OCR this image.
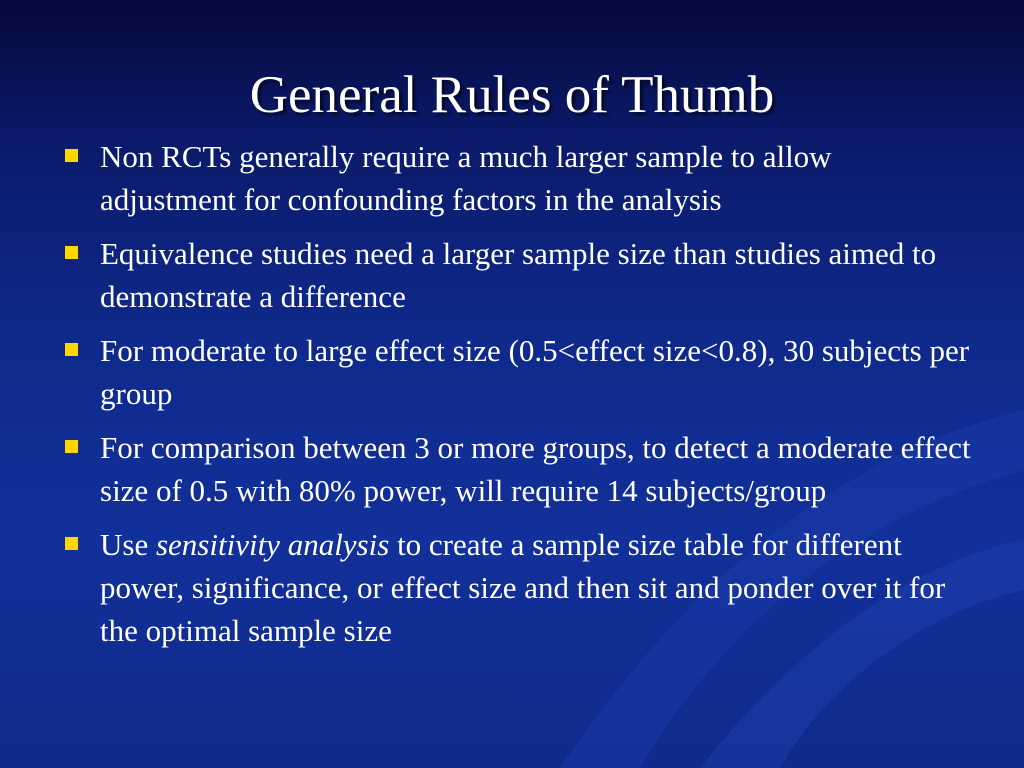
General Rules of Thumb
Non RCTs generally require a much larger sample to allow adjustment for confounding factors in the analysis
Equivalence studies need a larger sample size than studies aimed to demonstrate a difference
For moderate to large effect size (0.5<effect size<0.8), 30 subjects per group
For comparison between 3 or more groups, to detect a moderate effect size of 0.5 with 80% power, will require 14 subjects/group
Use sensitivity analysis to create a sample size table for different power, significance, or effect size and then sit and ponder over it for the optimal sample size
